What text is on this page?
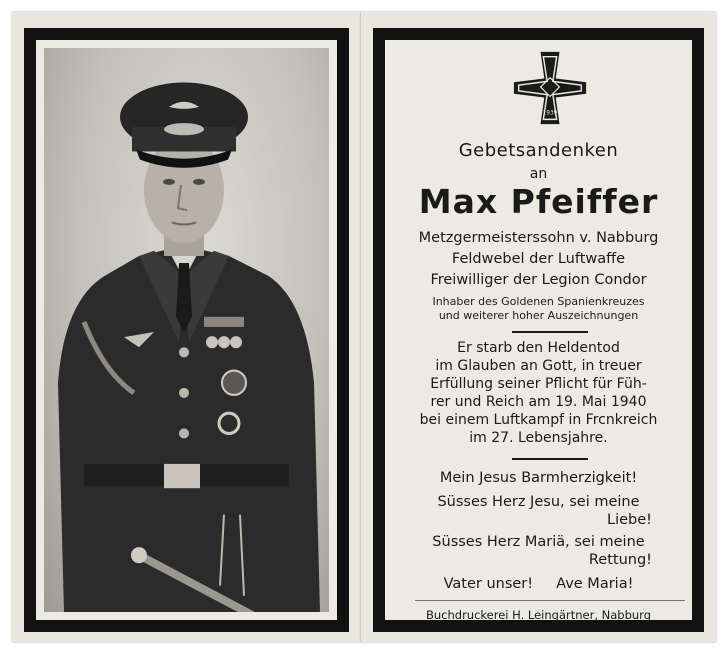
1939
Gebetsandenken
an
Max Pfeiffer
Metzgermeisterssohn v. Nabburg
Feldwebel der Luftwaffe
Freiwilliger der Legion Condor
Inhaber des Goldenen Spanienkreuzes
und weiterer hoher Auszeichnungen
Er starb den Heldentod
im Glauben an Gott, in treuer
Erfüllung seiner Pflicht für Füh-
rer und Reich am 19. Mai 1940
bei einem Luftkampf in Frcnkreich
im 27. Lebensjahre.
Mein Jesus Barmherzigkeit!
Süsses Herz Jesu, sei meine
Liebe!
Süsses Herz Mariä, sei meine
Rettung!
Vater unser!     Ave Maria!
Buchdruckerei H. Leingärtner, Nabburg
